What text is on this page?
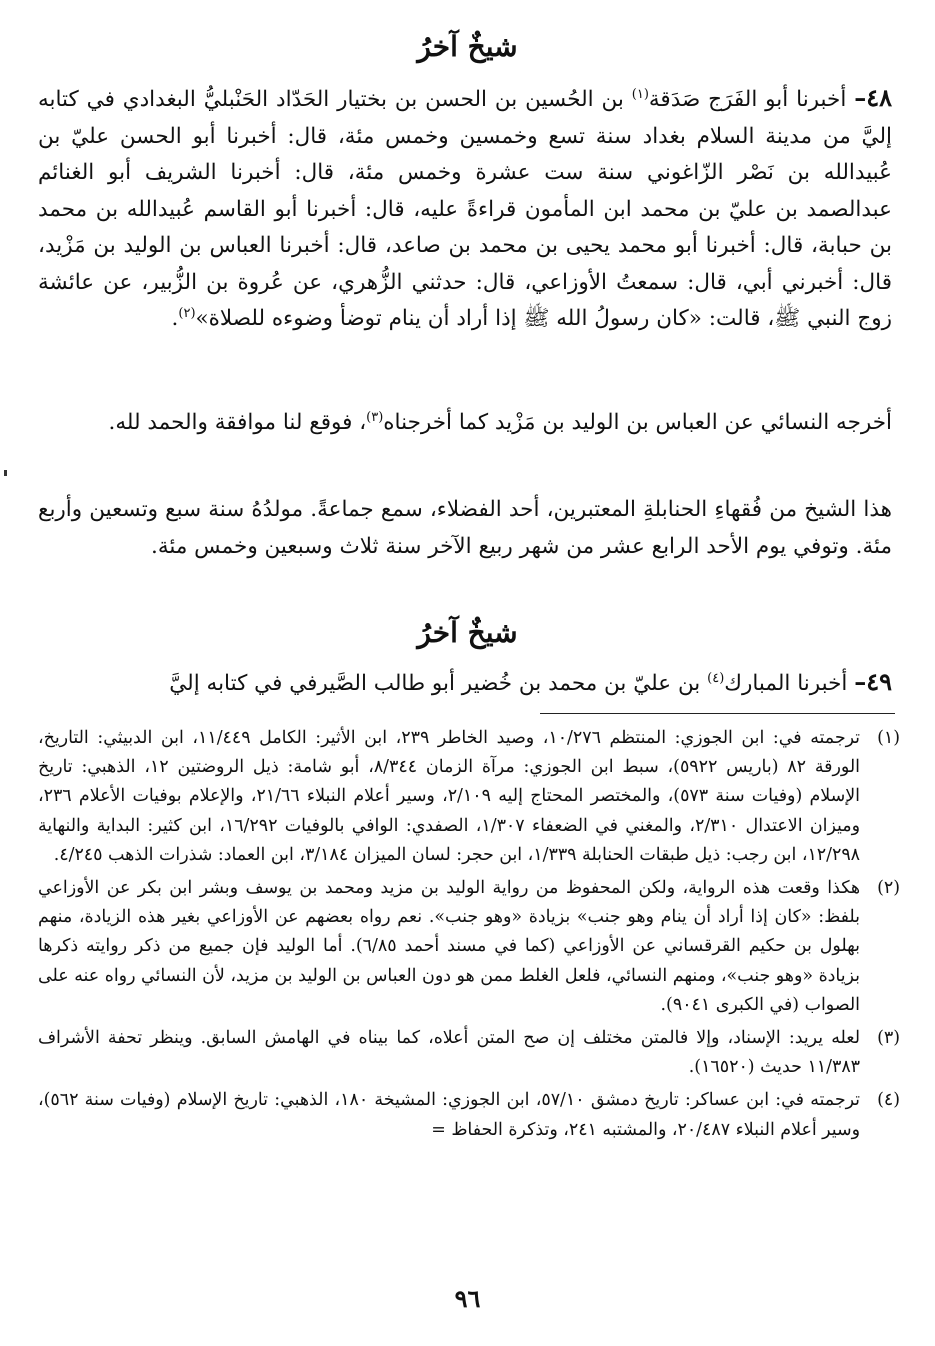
شيخٌ آخرُ

٤٨– أخبرنا أبو الفَرَج صَدَقة$^{(١)}$ بن الحُسين بن الحسن بن بختيار الحَدّاد الحَنْبليُّ البغدادي في كتابه إليَّ من مدينة السلام بغداد سنة تسع وخمسين وخمس مئة، قال: أخبرنا أبو الحسن عليّ بن عُبيدالله بن نَصْر الزّاغوني سنة ست عشرة وخمس مئة، قال: أخبرنا الشريف أبو الغنائم عبدالصمد بن عليّ بن محمد ابن المأمون قراءةً عليه، قال: أخبرنا أبو القاسم عُبيدالله بن محمد بن حبابة، قال: أخبرنا أبو محمد يحيى بن محمد بن صاعد، قال: أخبرنا العباس بن الوليد بن مَزْيد، قال: أخبرني أبي، قال: سمعتُ الأوزاعي، قال: حدثني الزُّهري، عن عُروة بن الزُّبير، عن عائشة زوج النبي ﷺ، قالت: «كان رسولُ الله ﷺ إذا أراد أن ينام توضأ وضوءه للصلاة»$^{(٢)}$.

أخرجه النسائي عن العباس بن الوليد بن مَزْيد كما أخرجناه$^{(٣)}$، فوقع لنا موافقة والحمد لله.

هذا الشيخ من فُقهاءِ الحنابلةِ المعتبرين، أحد الفضلاء، سمع جماعةً. مولدُهُ سنة سبع وتسعين وأربع مئة. وتوفي يوم الأحد الرابع عشر من شهر ربيع الآخر سنة ثلاث وسبعين وخمس مئة.

شيخٌ آخرُ

٤٩– أخبرنا المبارك$^{(٤)}$ بن عليّ بن محمد بن خُضير أبو طالب الصَّيرفي في كتابه إليَّ

(١)
ترجمته في: ابن الجوزي: المنتظم ١٠/٢٧٦، وصيد الخاطر ٢٣٩، ابن الأثير: الكامل ١١/٤٤٩، ابن الدبيثي: التاريخ، الورقة ٨٢ (باريس ٥٩٢٢)، سبط ابن الجوزي: مرآة الزمان ٨/٣٤٤، أبو شامة: ذيل الروضتين ١٢، الذهبي: تاريخ الإسلام (وفيات سنة ٥٧٣)، والمختصر المحتاج إليه ٢/١٠٩، وسير أعلام النبلاء ٢١/٦٦، والإعلام بوفيات الأعلام ٢٣٦، وميزان الاعتدال ٢/٣١٠، والمغني في الضعفاء ١/٣٠٧، الصفدي: الوافي بالوفيات ١٦/٢٩٢، ابن كثير: البداية والنهاية ١٢/٢٩٨، ابن رجب: ذيل طبقات الحنابلة ١/٣٣٩، ابن حجر: لسان الميزان ٣/١٨٤، ابن العماد: شذرات الذهب ٤/٢٤٥.
(٢)
هكذا وقعت هذه الرواية، ولكن المحفوظ من رواية الوليد بن مزيد ومحمد بن يوسف وبشر ابن بكر عن الأوزاعي بلفظ: «كان إذا أراد أن ينام وهو جنب» بزيادة «وهو جنب». نعم رواه بعضهم عن الأوزاعي بغير هذه الزيادة، منهم بهلول بن حكيم القرقساني عن الأوزاعي (كما في مسند أحمد ٦/٨٥). أما الوليد فإن جميع من ذكر روايته ذكرها بزيادة «وهو جنب»، ومنهم النسائي، فلعل الغلط ممن هو دون العباس بن الوليد بن مزيد، لأن النسائي رواه عنه على الصواب (في الكبرى ٩٠٤١).
(٣)
لعله يريد: الإسناد، وإلا فالمتن مختلف إن صح المتن أعلاه، كما بيناه في الهامش السابق. وينظر تحفة الأشراف ١١/٣٨٣ حديث (١٦٥٢٠).
(٤)
ترجمته في: ابن عساكر: تاريخ دمشق ٥٧/١٠، ابن الجوزي: المشيخة ١٨٠، الذهبي: تاريخ الإسلام (وفيات سنة ٥٦٢)، وسير أعلام النبلاء ٢٠/٤٨٧، والمشتبه ٢٤١، وتذكرة الحفاظ =
٩٦
